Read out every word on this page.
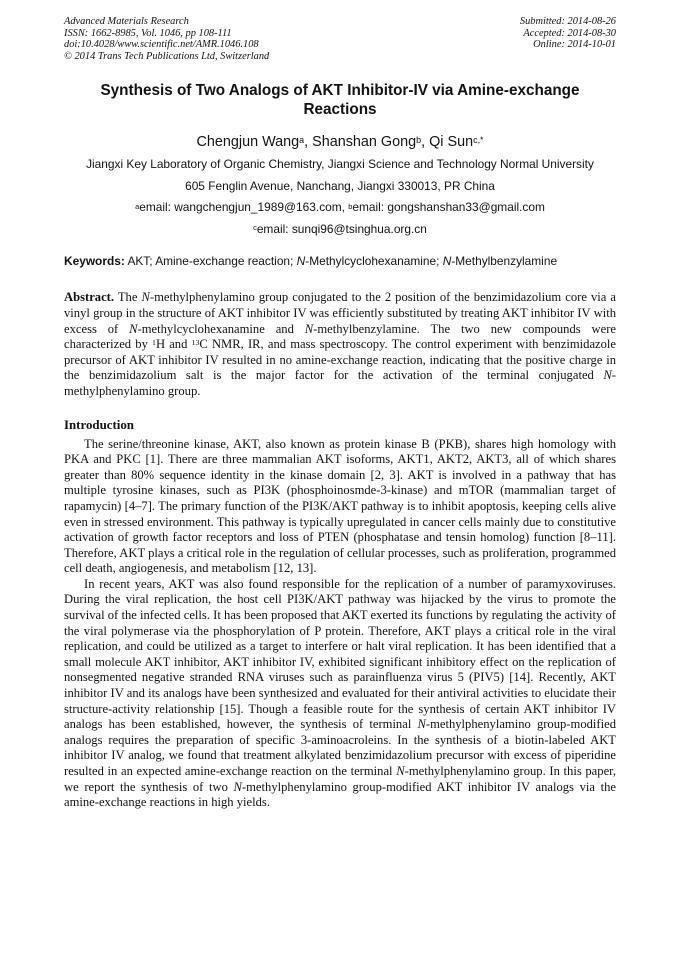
Advanced Materials Research
ISSN: 1662-8985, Vol. 1046, pp 108-111
doi:10.4028/www.scientific.net/AMR.1046.108
© 2014 Trans Tech Publications Ltd, Switzerland
Submitted: 2014-08-26
Accepted: 2014-08-30
Online: 2014-10-01
Synthesis of Two Analogs of AKT Inhibitor-IV via Amine-exchange Reactions
Chengjun Wang$^a$, Shanshan Gong$^b$, Qi Sun$^{c,*}$
Jiangxi Key Laboratory of Organic Chemistry, Jiangxi Science and Technology Normal University
605 Fenglin Avenue, Nanchang, Jiangxi 330013, PR China
$^a$email: wangchengjun_1989@163.com, $^b$email: gongshanshan33@gmail.com
$^c$email: sunqi96@tsinghua.org.cn
Keywords: AKT; Amine-exchange reaction; N-Methylcyclohexanamine; N-Methylbenzylamine

Abstract. The N-methylphenylamino group conjugated to the 2 position of the benzimidazolium core via a vinyl group in the structure of AKT inhibitor IV was efficiently substituted by treating AKT inhibitor IV with excess of N-methylcyclohexanamine and N-methylbenzylamine. The two new compounds were characterized by $^1$H and $^{13}$C NMR, IR, and mass spectroscopy. The control experiment with benzimidazole precursor of AKT inhibitor IV resulted in no amine-exchange reaction, indicating that the positive charge in the benzimidazolium salt is the major factor for the activation of the terminal conjugated N-methylphenylamino group.

Introduction

The serine/threonine kinase, AKT, also known as protein kinase B (PKB), shares high homology with PKA and PKC [1]. There are three mammalian AKT isoforms, AKT1, AKT2, AKT3, all of which shares greater than 80% sequence identity in the kinase domain [2, 3]. AKT is involved in a pathway that has multiple tyrosine kinases, such as PI3K (phosphoinosmde-3-kinase) and mTOR (mammalian target of rapamycin) [4–7]. The primary function of the PI3K/AKT pathway is to inhibit apoptosis, keeping cells alive even in stressed environment. This pathway is typically upregulated in cancer cells mainly due to constitutive activation of growth factor receptors and loss of PTEN (phosphatase and tensin homolog) function [8–11]. Therefore, AKT plays a critical role in the regulation of cellular processes, such as proliferation, programmed cell death, angiogenesis, and metabolism [12, 13].

In recent years, AKT was also found responsible for the replication of a number of paramyxoviruses. During the viral replication, the host cell PI3K/AKT pathway was hijacked by the virus to promote the survival of the infected cells. It has been proposed that AKT exerted its functions by regulating the activity of the viral polymerase via the phosphorylation of P protein. Therefore, AKT plays a critical role in the viral replication, and could be utilized as a target to interfere or halt viral replication. It has been identified that a small molecule AKT inhibitor, AKT inhibitor IV, exhibited significant inhibitory effect on the replication of nonsegmented negative stranded RNA viruses such as parainfluenza virus 5 (PIV5) [14]. Recently, AKT inhibitor IV and its analogs have been synthesized and evaluated for their antiviral activities to elucidate their structure-activity relationship [15]. Though a feasible route for the synthesis of certain AKT inhibitor IV analogs has been established, however, the synthesis of terminal N-methylphenylamino group-modified analogs requires the preparation of specific 3-aminoacroleins. In the synthesis of a biotin-labeled AKT inhibitor IV analog, we found that treatment alkylated benzimidazolium precursor with excess of piperidine resulted in an expected amine-exchange reaction on the terminal N-methylphenylamino group. In this paper, we report the synthesis of two N-methylphenylamino group-modified AKT inhibitor IV analogs via the amine-exchange reactions in high yields.
